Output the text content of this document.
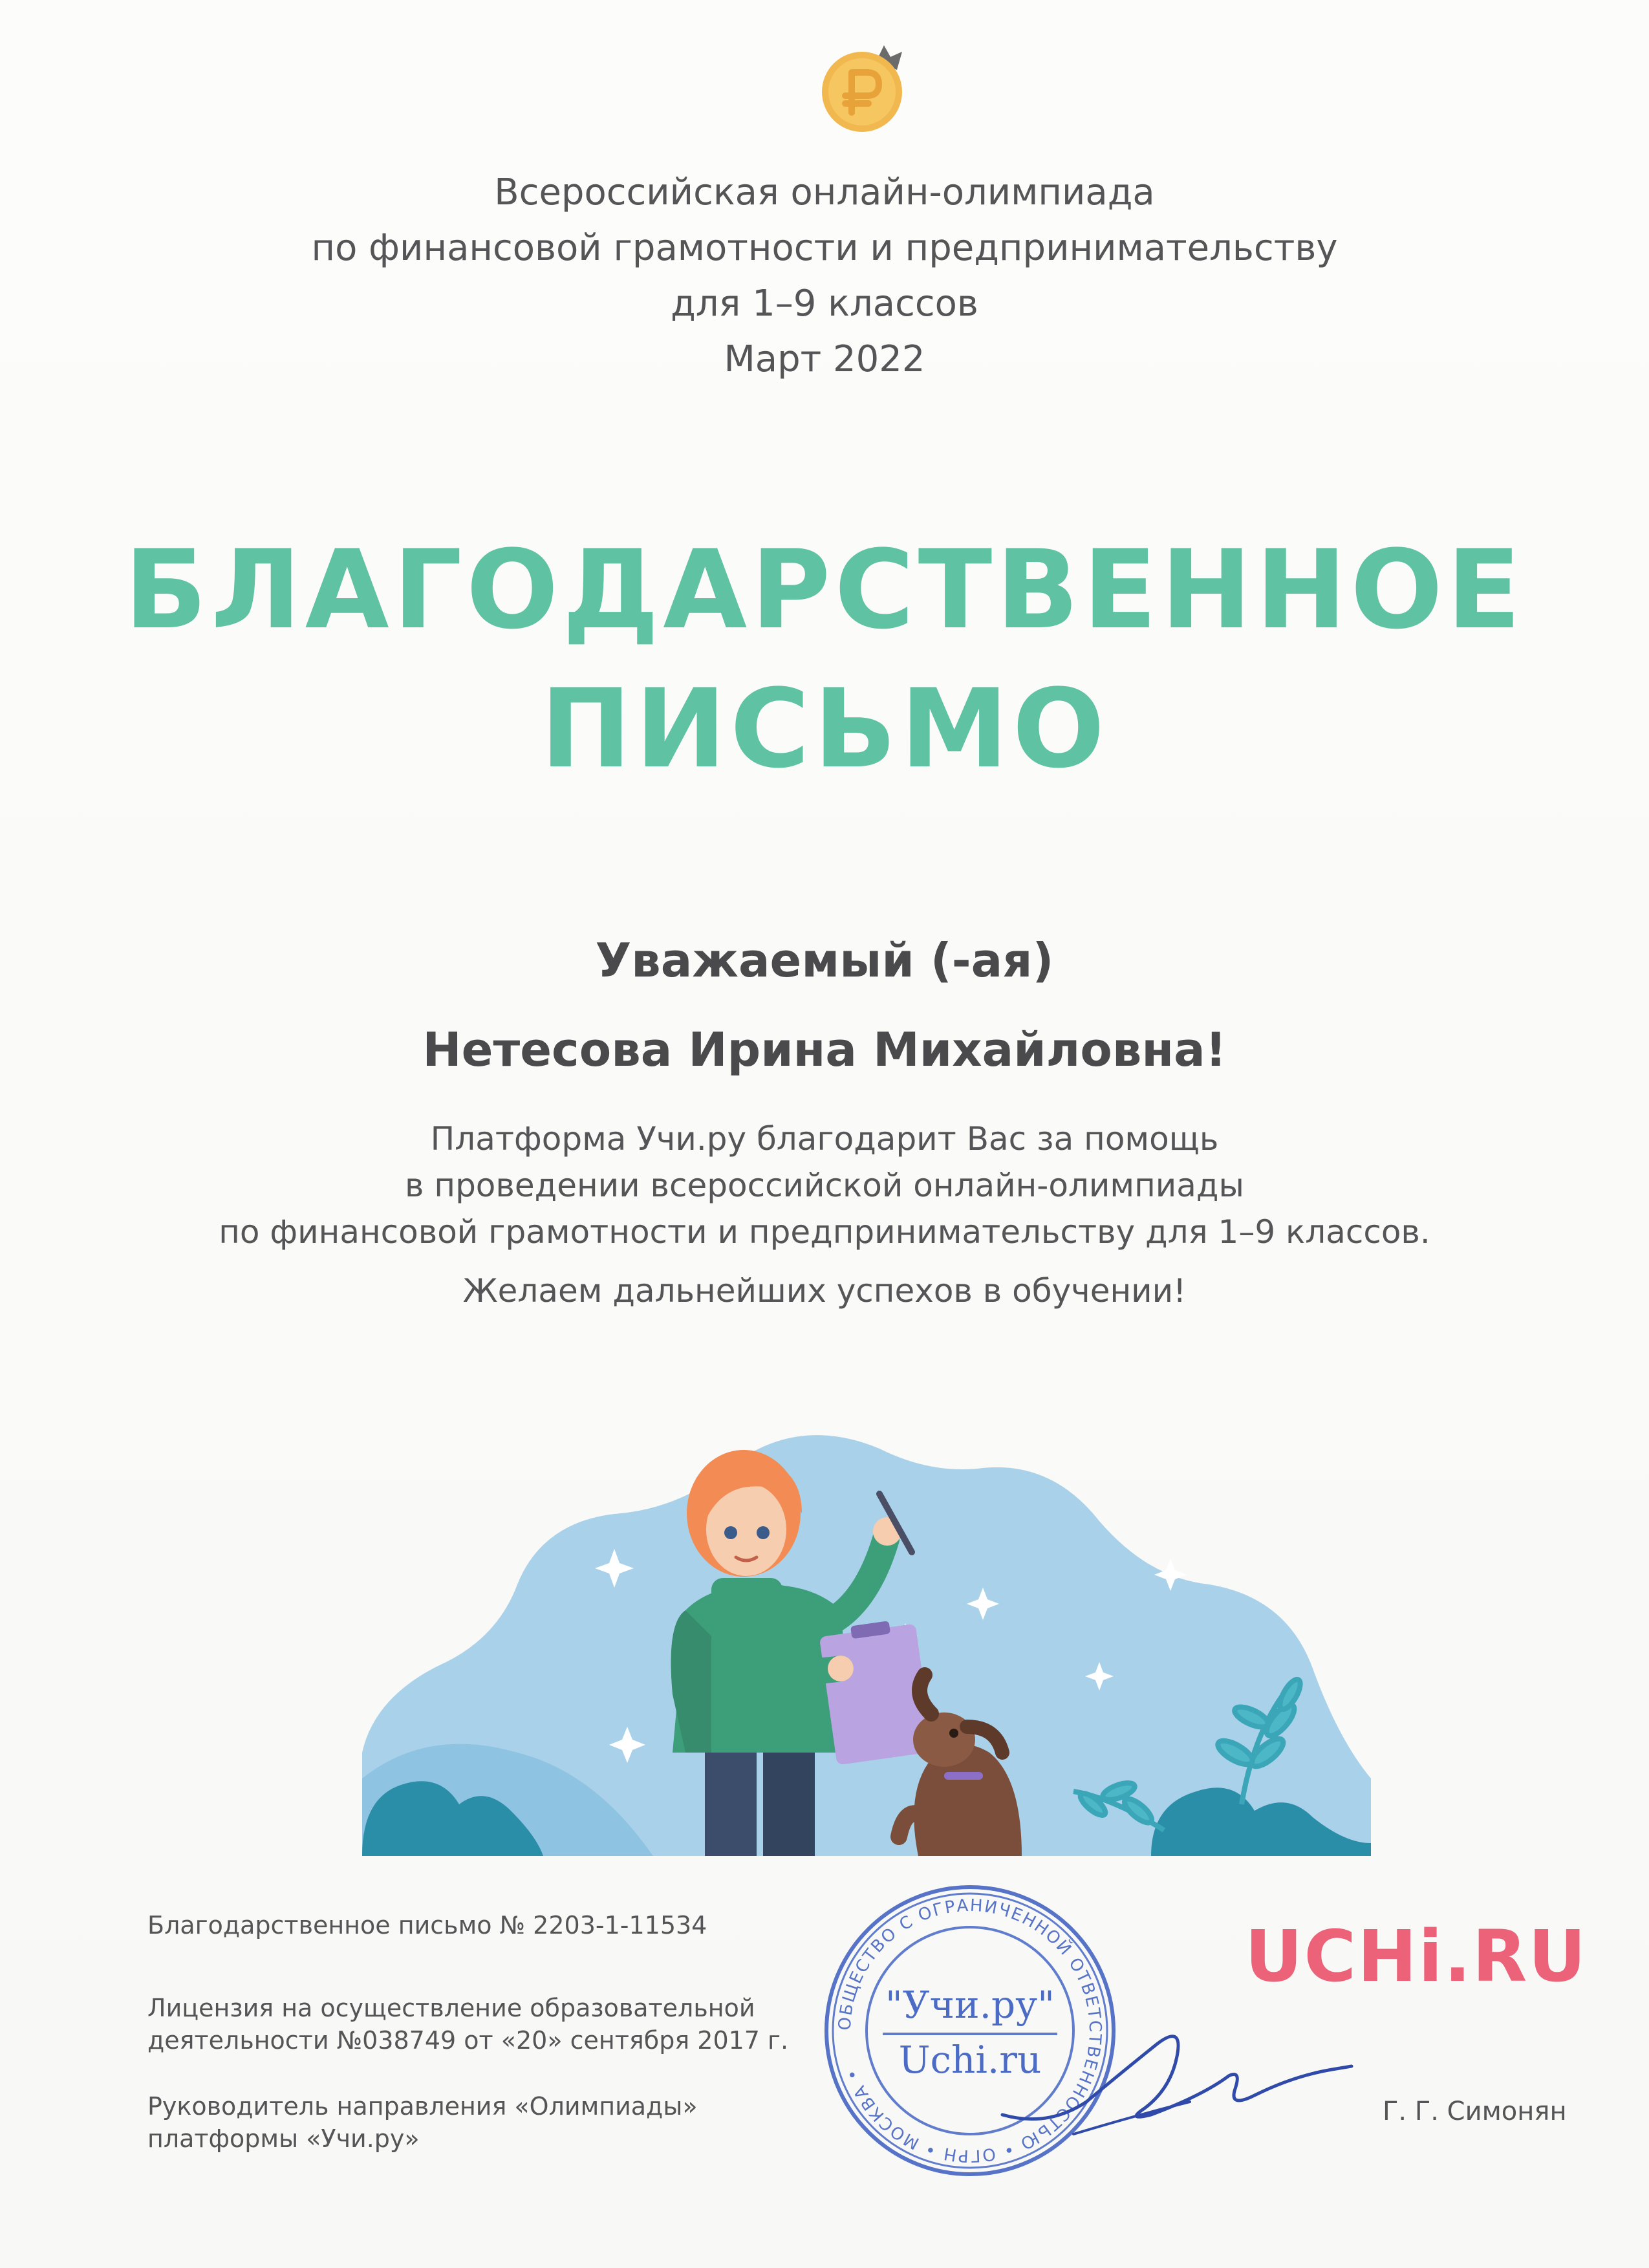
Всероссийская онлайн-олимпиада
по финансовой грамотности и предпринимательству
для 1–9 классов
Март 2022
БЛАГОДАРСТВЕННОЕ
ПИСЬМО
Уважаемый (-ая)
Нетесова Ирина Михайловна!
Платформа Учи.ру благодарит Вас за помощь
в проведении всероссийской онлайн-олимпиады
по финансовой грамотности и предпринимательству для 1–9 классов.
Желаем дальнейших успехов в обучении!
Благодарственное письмо № 2203-1-11534
Лицензия на осуществление образовательной
деятельности №038749 от «20» сентября 2017 г.
Руководитель направления «Олимпиады»
платформы «Учи.ру»
Г. Г. Симонян
UCHi.RU
ОБЩЕСТВО С ОГРАНИЧЕННОЙ ОТВЕТСТВЕННОСТЬЮ • ОГРН • МОСКВА •
"Учи.ру"
Uchi.ru
